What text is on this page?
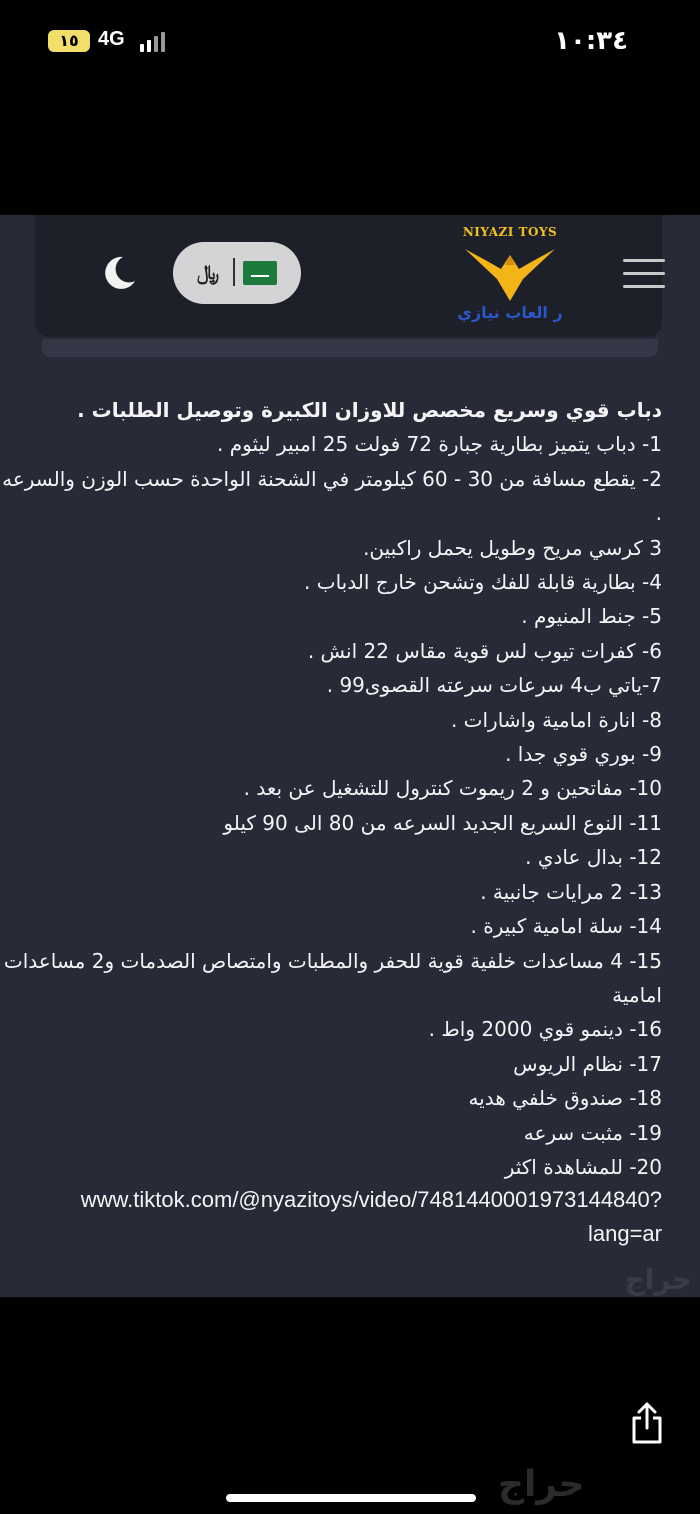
١٥ 4G	١٠:٣٤
﷼
NIYAZI TOYS
ر العاب نيازي
دباب قوي وسريع مخصص للاوزان الكبيرة وتوصيل الطلبات .
1- دباب يتميز بطارية جبارة 72 فولت 25 امبير ليثوم .
2- يقطع مسافة من 30 - 60 كيلومتر في الشحنة الواحدة حسب الوزن والسرعه .
3 كرسي مريح وطويل يحمل راكبين.
4- بطارية قابلة للفك وتشحن خارج الدباب .
5- جنط المنيوم .
6- كفرات تيوب لس قوية مقاس 22 انش .
7-ياتي ب4 سرعات سرعته القصوى99 .
8- انارة امامية واشارات .
9- بوري قوي جدا .
10- مفاتحين و 2 ريموت كنترول للتشغيل عن بعد .
11- النوع السريع الجديد السرعه من 80 الى 90 كيلو
12- بدال عادي .
13- 2 مرايات جانبية .
14- سلة امامية كبيرة .
15- 4 مساعدات خلفية قوية للحفر والمطبات وامتصاص الصدمات و2 مساعدات امامية
16- دينمو قوي 2000 واط .
17- نظام الريوس
18- صندوق خلفي هديه
19- مثبت سرعه
20- للمشاهدة اكثر
www.tiktok.com/@nyazitoys/video/7481440001973144840?
lang=ar
حراج
حراج
